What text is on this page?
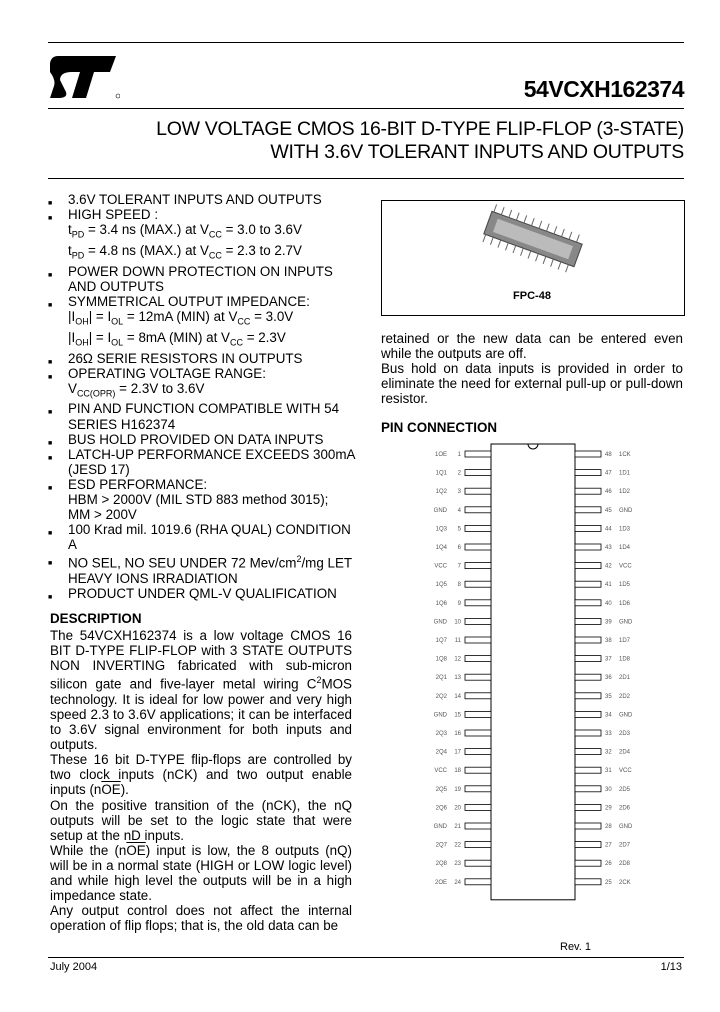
54VCXH162374
LOW VOLTAGE CMOS 16-BIT D-TYPE FLIP-FLOP (3-STATE)
WITH 3.6V TOLERANT INPUTS AND OUTPUTS
■ 3.6V TOLERANT INPUTS AND OUTPUTS
■ HIGH SPEED :
$t_{PD} = 3.4$ ns (MAX.) at $V_{CC} = 3.0$ to 3.6V
$t_{PD} = 4.8$ ns (MAX.) at $V_{CC} = 2.3$ to 2.7V
■ POWER DOWN PROTECTION ON INPUTS AND OUTPUTS
■ SYMMETRICAL OUTPUT IMPEDANCE:
$|I_{OH}| = I_{OL} = 12mA$ (MIN) at $V_{CC} = 3.0V$
$|I_{OH}| = I_{OL} = 8mA$ (MIN) at $V_{CC} = 2.3V$
■ 26Ω SERIE RESISTORS IN OUTPUTS
■ OPERATING VOLTAGE RANGE:
$V_{CC(OPR)} = 2.3V$ to 3.6V
■ PIN AND FUNCTION COMPATIBLE WITH 54 SERIES H162374
■ BUS HOLD PROVIDED ON DATA INPUTS
■ LATCH-UP PERFORMANCE EXCEEDS 300mA (JESD 17)
■ ESD PERFORMANCE:
HBM > 2000V (MIL STD 883 method 3015);
MM > 200V
■ 100 Krad mil. 1019.6 (RHA QUAL) CONDITION A
■ NO SEL, NO SEU UNDER 72 Mev/$cm^2/mg$ LET HEAVY IONS IRRADIATION
■ PRODUCT UNDER QML-V QUALIFICATION
DESCRIPTION

The 54VCXH162374 is a low voltage CMOS 16 BIT D-TYPE FLIP-FLOP with 3 STATE OUTPUTS NON INVERTING fabricated with sub-micron silicon gate and five-layer metal wiring $C^2MOS$ technology. It is ideal for low power and very high speed 2.3 to 3.6V applications; it can be interfaced to 3.6V signal environment for both inputs and outputs.

These 16 bit D-TYPE flip-flops are controlled by two clock inputs (nCK) and two output enable inputs $(n\overline{OE})$.

On the positive transition of the (nCK), the nQ outputs will be set to the logic state that were setup at the nD inputs.

While the $(n\overline{OE})$ input is low, the 8 outputs (nQ) will be in a normal state (HIGH or LOW logic level) and while high level the outputs will be in a high impedance state.

Any output control does not affect the internal operation of flip flops; that is, the old data can be

FPC-48

retained or the new data can be entered even while the outputs are off.

Bus hold on data inputs is provided in order to eliminate the need for external pull-up or pull-down resistor.

PIN CONNECTION
1OE 1	48 1CK
1Q1 2	47 1D1
1Q2 3	46 1D2
GND 4	45 GND
1Q3 5	44 1D3
1Q4 6	43 1D4
VCC 7	42 VCC
1Q5 8	41 1D5
1Q6 9	40 1D6
GND 10	39 GND
1Q7 11	38 1D7
1Q8 12	37 1D8
2Q1 13	36 2D1
2Q2 14	35 2D2
GND 15	34 GND
2Q3 16	33 2D3
2Q4 17	32 2D4
VCC 18	31 VCC
2Q5 19	30 2D5
2Q6 20	29 2D6
GND 21	28 GND
2Q7 22	27 2D7
2Q8 23	26 2D8
2OE 24	25 2CK
Rev. 1
July 2004	1/13
